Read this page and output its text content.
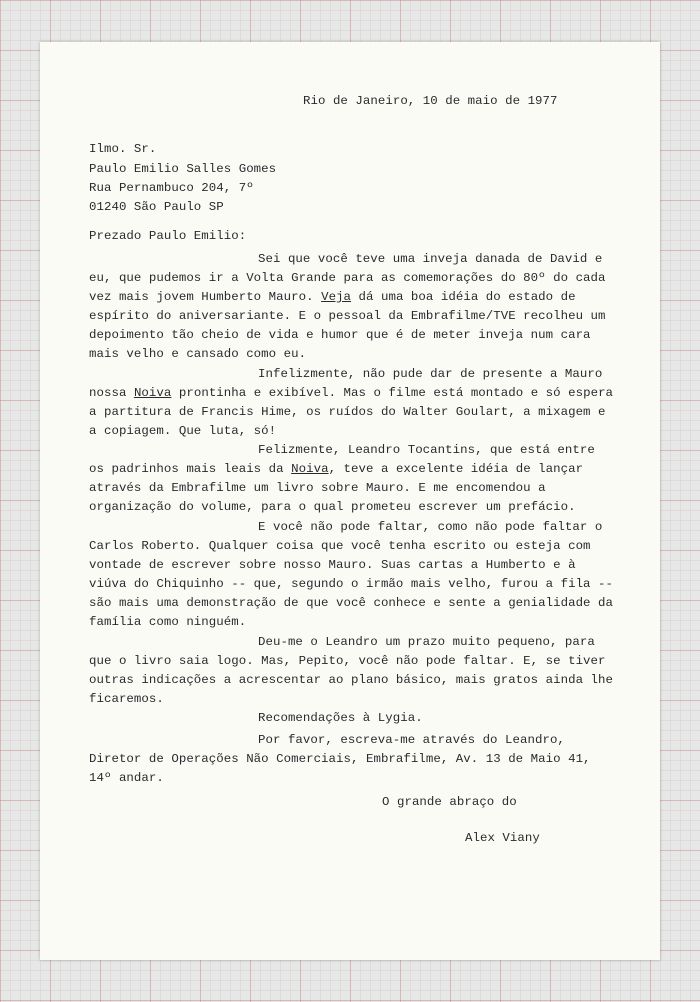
Rio de Janeiro, 10 de maio de 1977

Ilmo. Sr.

Paulo Emilio Salles Gomes

Rua Pernambuco 204, 7º

01240 São Paulo SP

Prezado Paulo Emilio:

Sei que você teve uma inveja danada de David e

eu, que pudemos ir a Volta Grande para as comemorações do 80º do cada

vez mais jovem Humberto Mauro. Veja dá uma boa idéia do estado de

espírito do aniversariante. E o pessoal da Embrafilme/TVE recolheu um

depoimento tão cheio de vida e humor que é de meter inveja num cara

mais velho e cansado como eu.

Infelizmente, não pude dar de presente a Mauro

nossa Noiva prontinha e exibível. Mas o filme está montado e só espera

a partitura de Francis Hime, os ruídos do Walter Goulart, a mixagem e

a copiagem. Que luta, só!

Felizmente, Leandro Tocantins, que está entre

os padrinhos mais leais da Noiva, teve a excelente idéia de lançar

através da Embrafilme um livro sobre Mauro. E me encomendou a

organização do volume, para o qual prometeu escrever um prefácio.

E você não pode faltar, como não pode faltar o

Carlos Roberto. Qualquer coisa que você tenha escrito ou esteja com

vontade de escrever sobre nosso Mauro. Suas cartas a Humberto e à

viúva do Chiquinho -- que, segundo o irmão mais velho, furou a fila --

são mais uma demonstração de que você conhece e sente a genialidade da

família como ninguém.

Deu-me o Leandro um prazo muito pequeno, para

que o livro saia logo. Mas, Pepito, você não pode faltar. E, se tiver

outras indicações a acrescentar ao plano básico, mais gratos ainda lhe

ficaremos.

Recomendações à Lygia.

Por favor, escreva-me através do Leandro,

Diretor de Operações Não Comerciais, Embrafilme, Av. 13 de Maio 41,

14º andar.

O grande abraço do

Alex Viany
